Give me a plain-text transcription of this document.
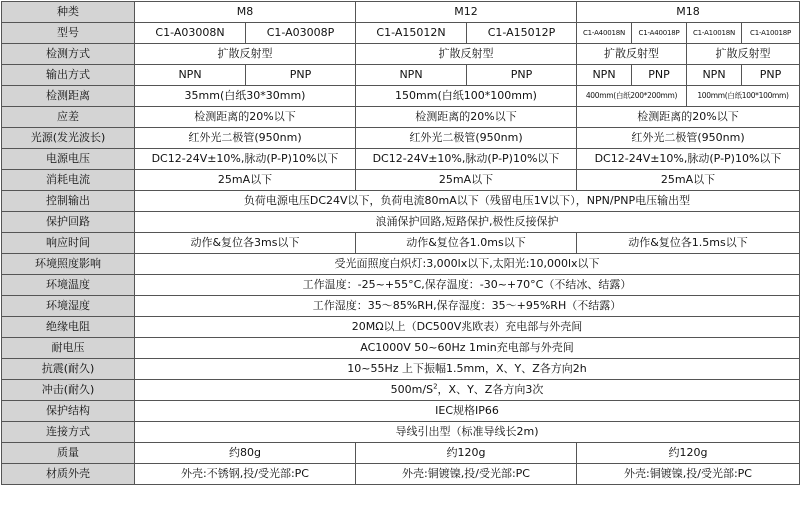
种类	M8		M12		M18			
型号	C1-A03008N	C1-A03008P	C1-A15012N	C1-A15012P	C1-A40018N	C1-A40018P	C1-A10018N	C1-A10018P
检测方式	扩散反射型		扩散反射型		扩散反射型		扩散反射型	
输出方式	NPN	PNP	NPN	PNP	NPN	PNP	NPN	PNP
检测距离	35mm(白纸30*30mm)		150mm(白纸100*100mm)		400mm(白纸200*200mm)		100mm(白纸100*100mm)	
应差	检测距离的20%以下		检测距离的20%以下		检测距离的20%以下			
光源(发光波长)	红外光二极管(950nm)		红外光二极管(950nm)		红外光二极管(950nm)			
电源电压	DC12-24V±10%,脉动(P-P)10%以下		DC12-24V±10%,脉动(P-P)10%以下		DC12-24V±10%,脉动(P-P)10%以下			
消耗电流	25mA以下		25mA以下		25mA以下			
控制输出	负荷电源电压DC24V以下，负荷电流80mA以下（残留电压1V以下），NPN/PNP电压输出型							
保护回路	浪涌保护回路,短路保护,极性反接保护							
响应时间	动作&复位各3ms以下		动作&复位各1.0ms以下		动作&复位各1.5ms以下			
环境照度影响	受光面照度白炽灯:3,000lx以下,太阳光:10,000lx以下							
环境温度	工作温度：-25~+55°C,保存温度：-30~+70°C（不结冰、结露）							
环境湿度	工作湿度：35～85%RH,保存湿度：35～+95%RH（不结露）							
绝缘电阻	20MΩ以上（DC500V兆欧表）充电部与外壳间							
耐电压	AC1000V 50~60Hz 1min充电部与外壳间							
抗震(耐久)	10~55Hz 上下振幅1.5mm，X、Y、Z各方向2h							
冲击(耐久)	$500m/S^2$，X、Y、Z各方向3次							
保护结构	IEC规格IP66							
连接方式	导线引出型（标准导线长2m)							
质量	约80g		约120g		约120g			
材质外壳	外壳:不锈钢,投/受光部:PC		外壳:铜镀镍,投/受光部:PC		外壳:铜镀镍,投/受光部:PC			
